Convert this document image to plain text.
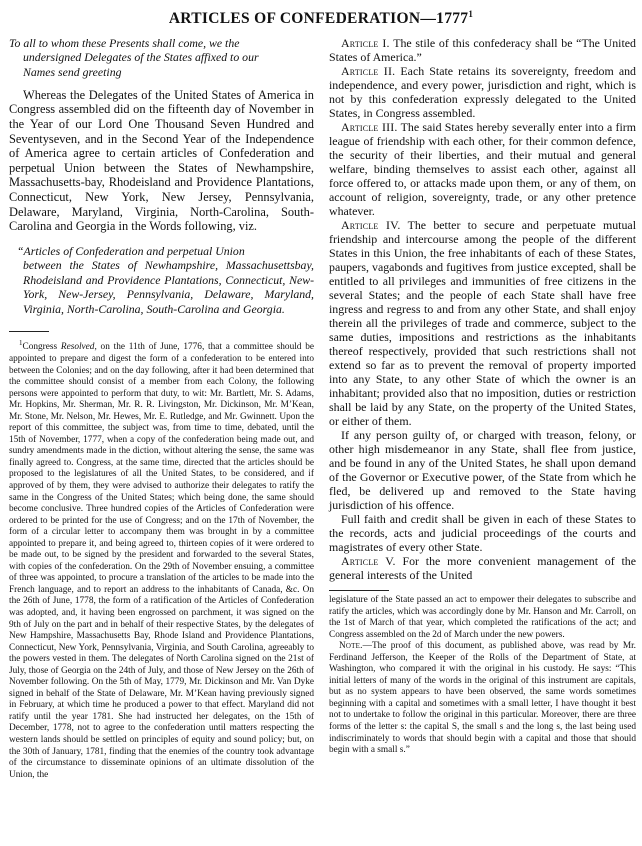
ARTICLES OF CONFEDERATION—1777$^1$
To all to whom these Presents shall come, we the
undersigned Delegates of the States affixed to our
Names send greeting

Whereas the Delegates of the United States of America in Congress assembled did on the fifteenth day of November in the Year of our Lord One Thousand Seven Hundred and Seventyseven, and in the Second Year of the Independence of America agree to certain articles of Confederation and perpetual Union between the States of Newhampshire, Massachusetts-bay, Rhodeisland and Providence Plantations, Connecticut, New York, New Jersey, Pennsylvania, Delaware, Maryland, Virginia, North-Carolina, South-Carolina and Georgia in the Words following, viz.

“Articles of Confederation and perpetual Union
between the States of Newhampshire, Massachusettsbay, Rhodeisland and Providence Plantations, Connecticut, New-York, New-Jersey, Pennsylvania, Delaware, Maryland, Virginia, North-Carolina, South-Carolina and Georgia.

$^1$Congress Resolved, on the 11th of June, 1776, that a committee should be appointed to prepare and digest the form of a confederation to be entered into between the Colonies; and on the day following, after it had been determined that the committee should consist of a member from each Colony, the following persons were appointed to perform that duty, to wit: Mr. Bartlett, Mr. S. Adams, Mr. Hopkins, Mr. Sherman, Mr. R. R. Livingston, Mr. Dickinson, Mr. M’Kean, Mr. Stone, Mr. Nelson, Mr. Hewes, Mr. E. Rutledge, and Mr. Gwinnett. Upon the report of this committee, the subject was, from time to time, debated, until the 15th of November, 1777, when a copy of the confederation being made out, and sundry amendments made in the diction, without altering the sense, the same was finally agreed to. Congress, at the same time, directed that the articles should be proposed to the legislatures of all the United States, to be considered, and if approved of by them, they were advised to authorize their delegates to ratify the same in the Congress of the United States; which being done, the same should become conclusive. Three hundred copies of the Articles of Confederation were ordered to be printed for the use of Congress; and on the 17th of November, the form of a circular letter to accompany them was brought in by a committee appointed to prepare it, and being agreed to, thirteen copies of it were ordered to be made out, to be signed by the president and forwarded to the several States, with copies of the confederation. On the 29th of November ensuing, a committee of three was appointed, to procure a translation of the articles to be made into the French language, and to report an address to the inhabitants of Canada, &c. On the 26th of June, 1778, the form of a ratification of the Articles of Confederation was adopted, and, it having been engrossed on parchment, it was signed on the 9th of July on the part and in behalf of their respective States, by the delegates of New Hampshire, Massachusetts Bay, Rhode Island and Providence Plantations, Connecticut, New York, Pennsylvania, Virginia, and South Carolina, agreeably to the powers vested in them. The delegates of North Carolina signed on the 21st of July, those of Georgia on the 24th of July, and those of New Jersey on the 26th of November following. On the 5th of May, 1779, Mr. Dickinson and Mr. Van Dyke signed in behalf of the State of Delaware, Mr. M’Kean having previously signed in February, at which time he produced a power to that effect. Maryland did not ratify until the year 1781. She had instructed her delegates, on the 15th of December, 1778, not to agree to the confederation until matters respecting the western lands should be settled on principles of equity and sound policy; but, on the 30th of January, 1781, finding that the enemies of the country took advantage of the circumstance to disseminate opinions of an ultimate dissolution of the Union, the

Article I. The stile of this confederacy shall be “The United States of America.”

Article II. Each State retains its sovereignty, freedom and independence, and every power, jurisdiction and right, which is not by this confederation expressly delegated to the United States, in Congress assembled.

Article III. The said States hereby severally enter into a firm league of friendship with each other, for their common defence, the security of their liberties, and their mutual and general welfare, binding themselves to assist each other, against all force offered to, or attacks made upon them, or any of them, on account of religion, sovereignty, trade, or any other pretence whatever.

Article IV. The better to secure and perpetuate mutual friendship and intercourse among the people of the different States in this Union, the free inhabitants of each of these States, paupers, vagabonds and fugitives from justice excepted, shall be entitled to all privileges and immunities of free citizens in the several States; and the people of each State shall have free ingress and regress to and from any other State, and shall enjoy therein all the privileges of trade and commerce, subject to the same duties, impositions and restrictions as the inhabitants thereof respectively, provided that such restrictions shall not extend so far as to prevent the removal of property imported into any State, to any other State of which the owner is an inhabitant; provided also that no imposition, duties or restriction shall be laid by any State, on the property of the United States, or either of them.

If any person guilty of, or charged with treason, felony, or other high misdemeanor in any State, shall flee from justice, and be found in any of the United States, he shall upon demand of the Governor or Executive power, of the State from which he fled, be delivered up and removed to the State having jurisdiction of his offence.

Full faith and credit shall be given in each of these States to the records, acts and judicial proceedings of the courts and magistrates of every other State.

Article V. For the more convenient management of the general interests of the United

legislature of the State passed an act to empower their delegates to subscribe and ratify the articles, which was accordingly done by Mr. Hanson and Mr. Carroll, on the 1st of March of that year, which completed the ratifications of the act; and Congress assembled on the 2d of March under the new powers.

Note.—The proof of this document, as published above, was read by Mr. Ferdinand Jefferson, the Keeper of the Rolls of the Department of State, at Washington, who compared it with the original in his custody. He says: “This initial letters of many of the words in the original of this instrument are capitals, but as no system appears to have been observed, the same words sometimes beginning with a capital and sometimes with a small letter, I have thought it best not to undertake to follow the original in this particular. Moreover, there are three forms of the letter s: the capital S, the small s and the long s, the last being used indiscriminately to words that should begin with a capital and those that should begin with a small s.”
